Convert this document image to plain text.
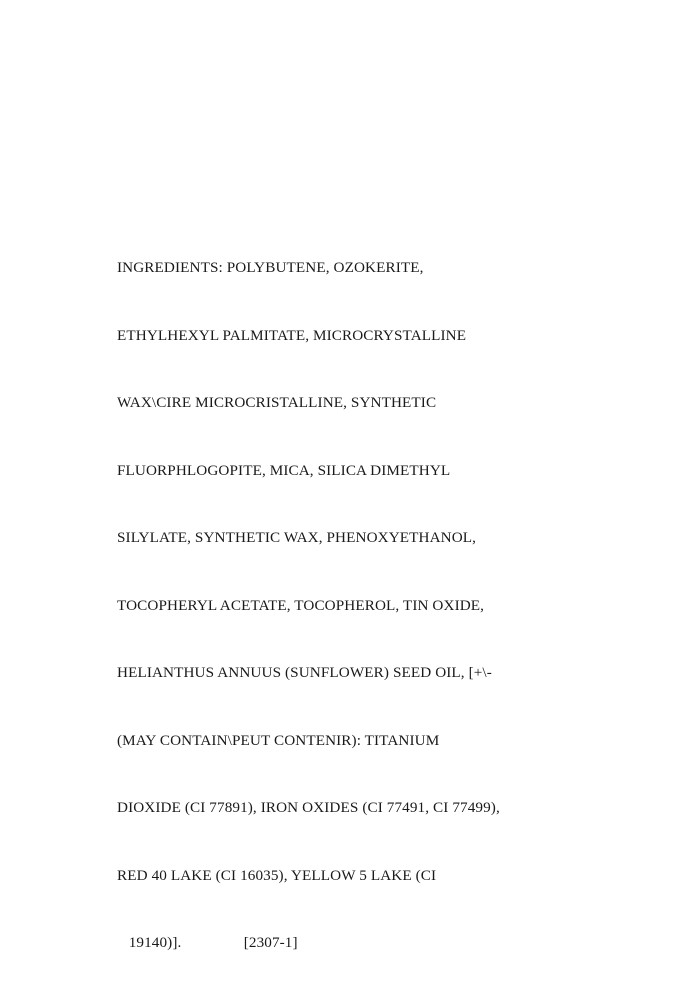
INGREDIENTS: POLYBUTENE, OZOKERITE,

ETHYLHEXYL PALMITATE, MICROCRYSTALLINE

WAX\CIRE MICROCRISTALLINE, SYNTHETIC

FLUORPHLOGOPITE, MICA, SILICA DIMETHYL

SILYLATE, SYNTHETIC WAX, PHENOXYETHANOL,

TOCOPHERYL ACETATE, TOCOPHEROL, TIN OXIDE,

HELIANTHUS ANNUUS (SUNFLOWER) SEED OIL, [+\-

(MAY CONTAIN\PEUT CONTENIR): TITANIUM

DIOXIDE (CI 77891), IRON OXIDES (CI 77491, CI 77499),

RED 40 LAKE (CI 16035), YELLOW 5 LAKE (CI

19140)].                [2307-1]
